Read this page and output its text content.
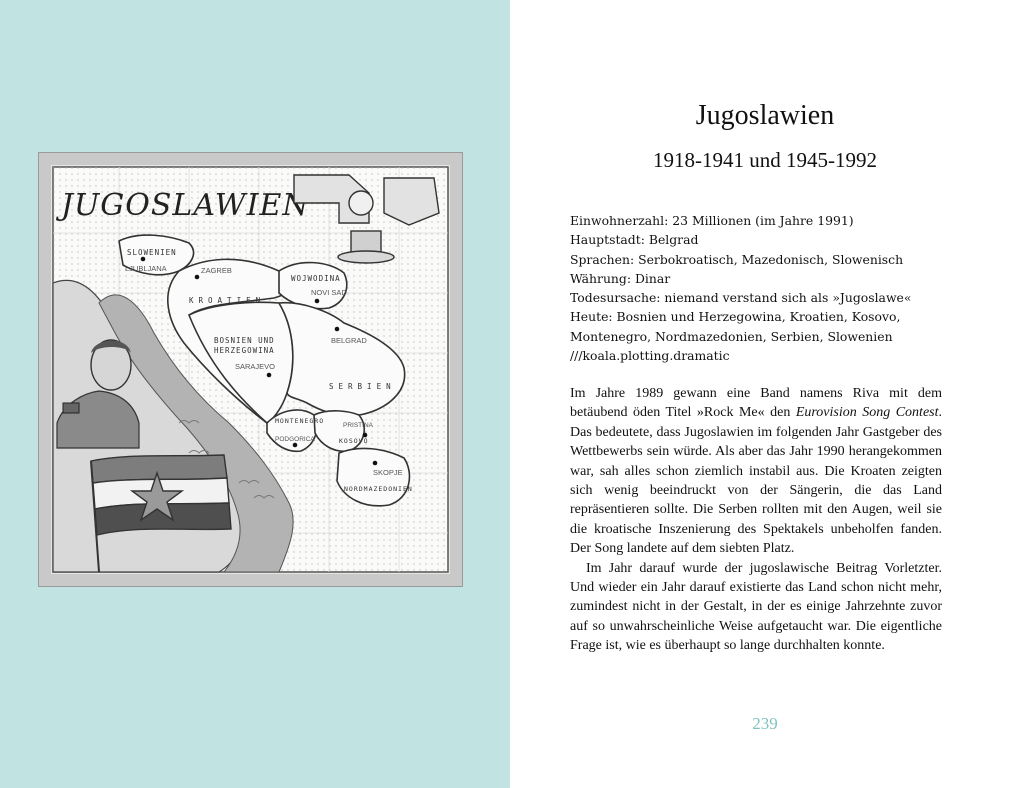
SLOWENIEN
KROATIEN
WOJWODINA
BOSNIEN UND
HERZEGOWINA
SERBIEN
MONTENEGRO
KOSOVO
NORDMAZEDONIEN
LJUBLJANA	ZAGREB
NOVI SAD
BELGRAD
SARAJEVO
PODGORICA
PRISTINA
SKOPJE
JUGOSLAWIEN
Jugoslawien
1918-1941 und 1945-1992
Einwohnerzahl: 23 Millionen (im Jahre 1991)
Hauptstadt: Belgrad
Sprachen: Serbokroatisch, Mazedonisch, Slowenisch
Währung: Dinar
Todesursache: niemand verstand sich als »Jugoslawe«
Heute: Bosnien und Herzegowina, Kroatien, Kosovo,
Montenegro, Nordmazedonien, Serbien, Slowenien
///koala.plotting.dramatic

Im Jahre 1989 gewann eine Band namens Riva mit dem betäubend öden Titel »Rock Me« den Eurovision Song Contest. Das bedeutete, dass Jugoslawien im folgenden Jahr Gastgeber des Wettbewerbs sein würde. Als aber das Jahr 1990 herangekommen war, sah alles schon ziemlich instabil aus. Die Kroaten zeigten sich wenig beeindruckt von der Sängerin, die das Land repräsentieren sollte. Die Serben rollten mit den Augen, weil sie die kroatische Inszenierung des Spektakels unbeholfen fanden. Der Song landete auf dem siebten Platz.

Im Jahr darauf wurde der jugoslawische Beitrag Vorletzter. Und wieder ein Jahr darauf existierte das Land schon nicht mehr, zumindest nicht in der Gestalt, in der es einige Jahrzehnte zuvor auf so unwahrscheinliche Weise aufgetaucht war. Die eigentliche Frage ist, wie es überhaupt so lange durchhalten konnte.

239
